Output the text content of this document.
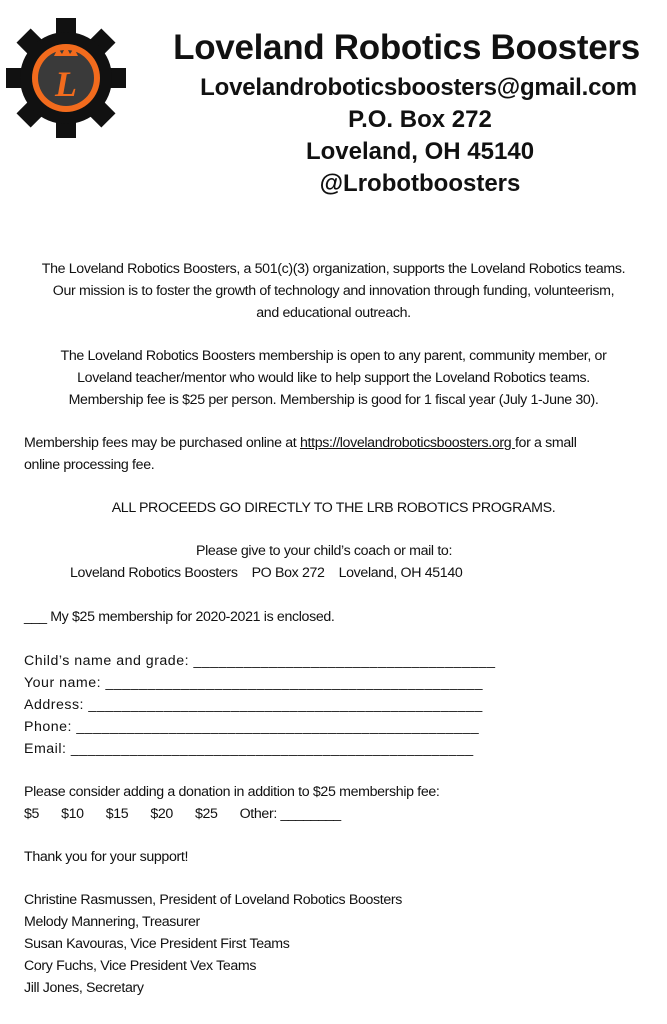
L
Loveland Robotics Boosters
Lovelandroboticsboosters@gmail.com
P.O. Box 272
Loveland, OH 45140
@Lrobotboosters
The Loveland Robotics Boosters, a 501(c)(3) organization, supports the Loveland Robotics teams.
Our mission is to foster the growth of technology and innovation through funding, volunteerism,
and educational outreach.
The Loveland Robotics Boosters membership is open to any parent, community member, or
Loveland teacher/mentor who would like to help support the Loveland Robotics teams.
Membership fee is $25 per person. Membership is good for 1 fiscal year (July 1-June 30).
Membership fees may be purchased online at https://lovelandroboticsboosters.org for a small
online processing fee.
ALL PROCEEDS GO DIRECTLY TO THE LRB ROBOTICS PROGRAMS.
Please give to your child’s coach or mail to:
Loveland Robotics Boosters PO Box 272 Loveland, OH 45140
___ My $25 membership for 2020-2021 is enclosed.
Child’s name and grade: ____________________________________
Your name: _____________________________________________
Address: _______________________________________________
Phone: ________________________________________________
Email: ________________________________________________
Please consider adding a donation in addition to $25 membership fee:
$5 $10 $15 $20 $25 Other: ________
Thank you for your support!
Christine Rasmussen, President of Loveland Robotics Boosters
Melody Mannering, Treasurer
Susan Kavouras, Vice President First Teams
Cory Fuchs, Vice President Vex Teams
Jill Jones, Secretary
